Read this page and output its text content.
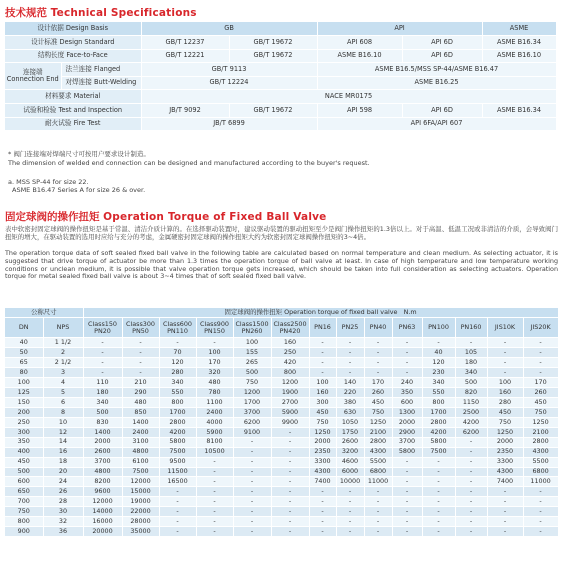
技术规范 Technical Specifications
设计依据 Design Basis		GB		API		ASME
设计标准 Design Standard		GB/T 12237	GB/T 19672	API 608	API 6D	ASME B16.34
结构长度 Face-to-Face		GB/T 12221	GB/T 19672	ASME B16.10	API 6D	ASME B16.10
连接端 Connection End	法兰连接 Flanged	GB/T 9113		ASME B16.5/MSS SP-44/ASME B16.47		
	对焊连接 Butt-Welding	GB/T 12224		ASME B16.25		
材料要求 Material		NACE MR0175				
试验和检验 Test and Inspection		JB/T 9092	GB/T 19672	API 598	API 6D	ASME B16.34
耐火试验 Fire Test		JB/T 6899		API 6FA/API 607		
* 阀门连接端对焊端尺寸可按用户要求设计制造。
The dimension of welded end connection can be designed and manufactured according to the buyer's request.
a. MSS SP-44 for size 22.
ASME B16.47 Series A for size 26 & over.
固定球阀的操作扭矩 Operation Torque of Fixed Ball Valve
表中软密封固定球阀的操作扭矩是基于常温、清洁介质计算的。在选择驱动装置时，建议驱动装置的驱动扭矩至少是阀门操作扭矩的1.3倍以上。对于高温、低温工况或非清洁的介质，会导致阀门扭矩的增大，在驱动装置的选用时应给与充分的考虑，金属硬密封固定球阀的操作扭矩大约为软密封固定球阀操作扭矩的3~4倍。
The operation torque data of soft sealed fixed ball valve in the following table are calculated based on normal temperature and clean medium. As selecting actuator, it is suggested that drive torque of actuator be more than 1.3 times the operation torque of ball valve at least. In case of high temperature and low temperature working conditions or unclean medium, it is possible that valve operation torque gets increased, which should be taken into full consideration as selecting actuators. Operation torque for metal sealed fixed ball valve is about 3~4 times that of soft sealed fixed ball valve.
公称尺寸		固定球阀的操作扭矩 Operation torque of fixed ball valve N.m													
DN	NPS	Class150 PN20	Class300 PN50	Class600 PN110	Class900 PN150	Class1500 PN260	Class2500 PN420	PN16	PN25	PN40	PN63	PN100	PN160	JIS10K	JIS20K

40	1 1/2	-	-	-	-	100	160	-	-	-	-	-	-	-	-
50	2	-	-	70	100	155	250	-	-	-	-	40	105	-	-
65	2 1/2	-	-	120	170	265	420	-	-	-	-	120	180	-	-
80	3	-	-	280	320	500	800	-	-	-	-	230	340	-	-
100	4	110	210	340	480	750	1200	100	140	170	240	340	500	100	170
125	5	180	290	550	780	1200	1900	160	220	260	350	550	820	160	260
150	6	340	480	800	1100	1700	2700	300	380	450	600	800	1150	280	450
200	8	500	850	1700	2400	3700	5900	450	630	750	1300	1700	2500	450	750
250	10	830	1400	2800	4000	6200	9900	750	1050	1250	2000	2800	4200	750	1250
300	12	1400	2400	4200	5900	9100	-	1250	1750	2100	2900	4200	6200	1250	2100
350	14	2000	3100	5800	8100	-	-	2000	2600	2800	3700	5800	-	2000	2800
400	16	2600	4800	7500	10500	-	-	2350	3200	4300	5800	7500	-	2350	4300
450	18	3700	6100	9500	-	-	-	3300	4600	5500	-	-	-	3300	5500
500	20	4800	7500	11500	-	-	-	4300	6000	6800	-	-	-	4300	6800
600	24	8200	12000	16500	-	-	-	7400	10000	11000	-	-	-	7400	11000
650	26	9600	15000	-	-	-	-	-	-	-	-	-	-	-	-
700	28	12000	19000	-	-	-	-	-	-	-	-	-	-	-	-
750	30	14000	22000	-	-	-	-	-	-	-	-	-	-	-	-
800	32	16000	28000	-	-	-	-	-	-	-	-	-	-	-	-
900	36	20000	35000	-	-	-	-	-	-	-	-	-	-	-	-
